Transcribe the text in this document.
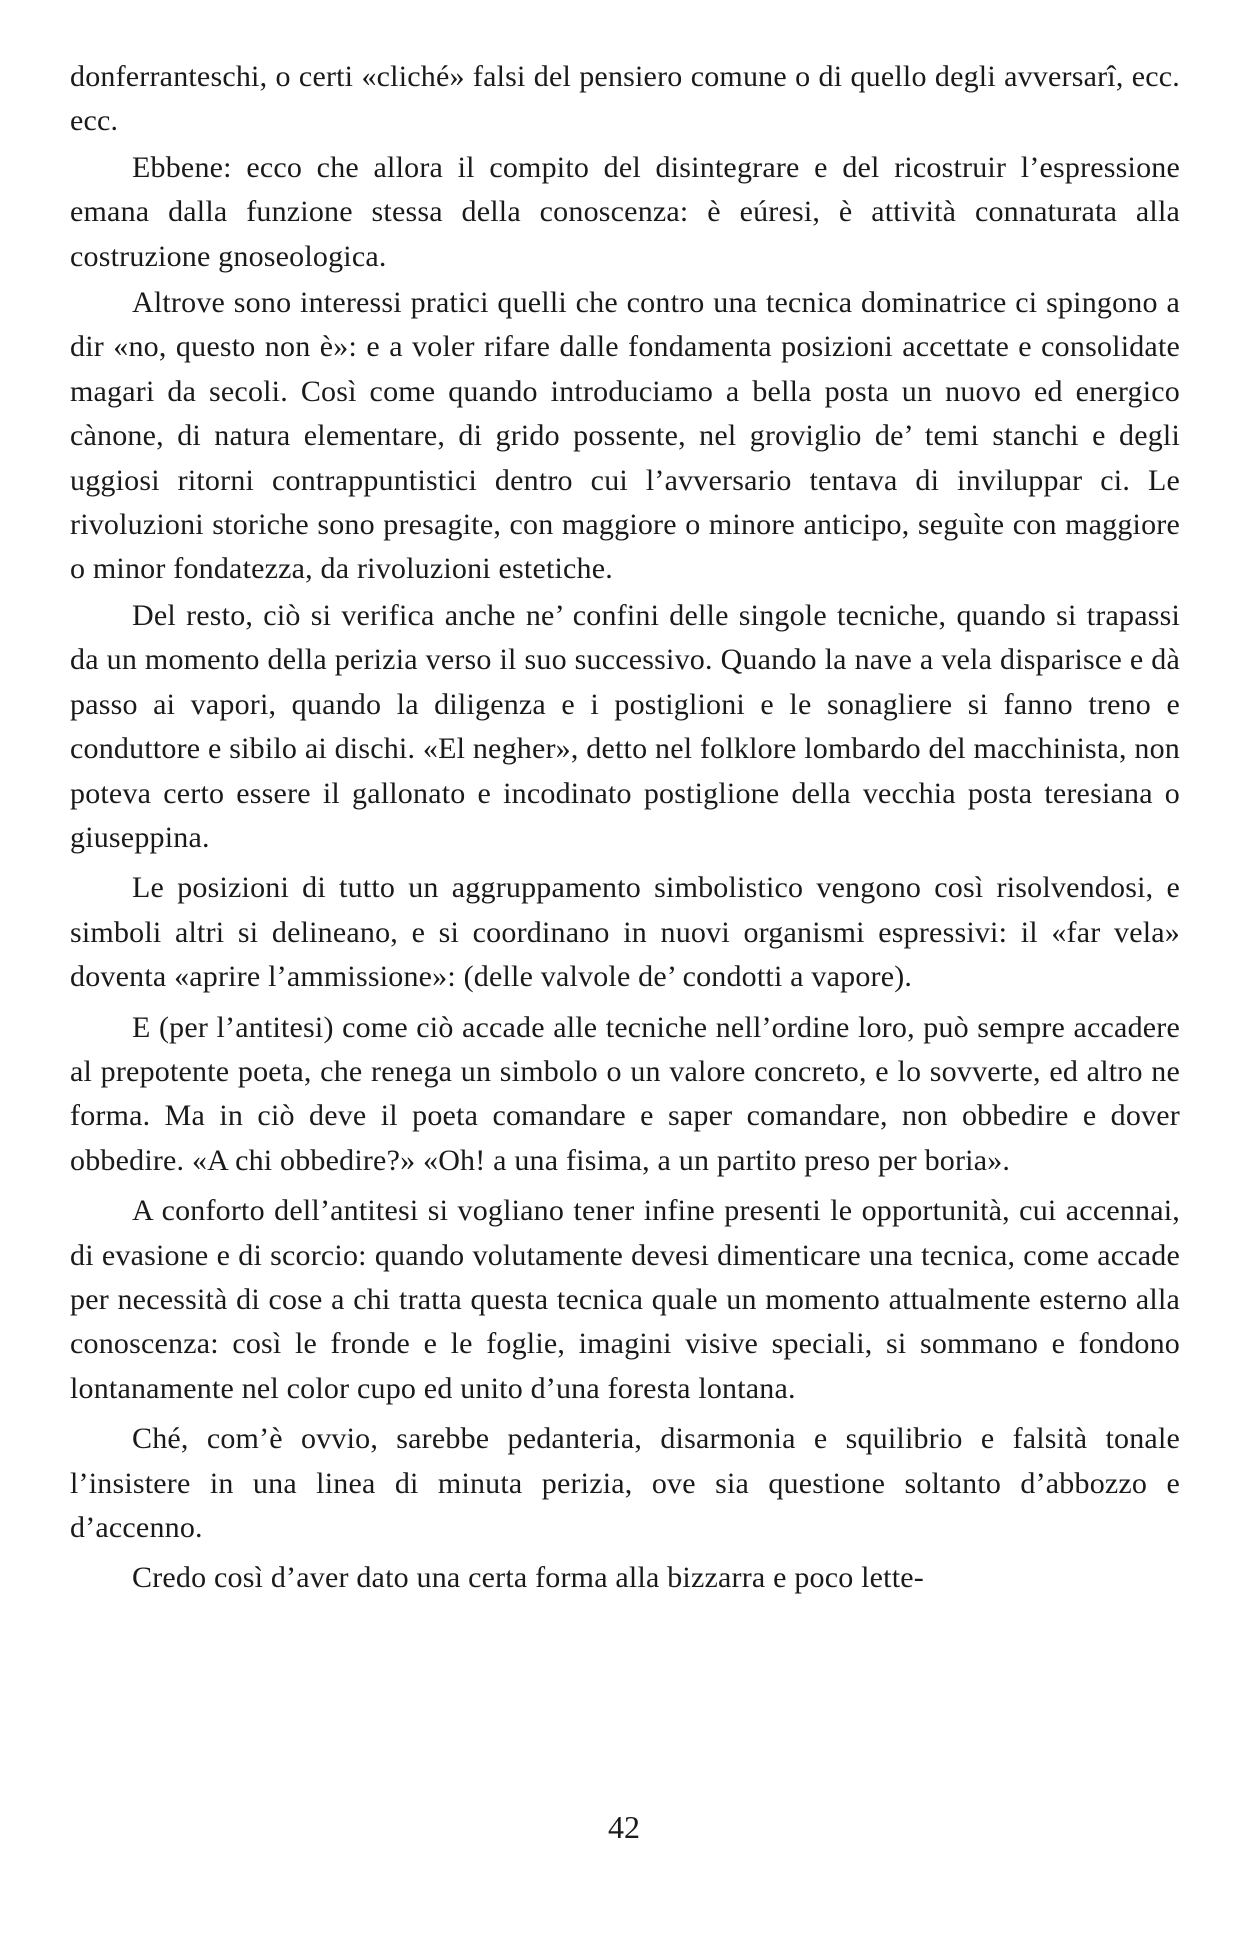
donferranteschi, o certi «cliché» falsi del pensiero comune o di quello degli avversarî, ecc. ecc.

Ebbene: ecco che allora il compito del disintegrare e del ricostruir l’espressione emana dalla funzione stessa della conoscenza: è eúresi, è attività connaturata alla costruzione gnoseologica.

Altrove sono interessi pratici quelli che contro una tecnica dominatrice ci spingono a dir «no, questo non è»: e a voler rifare dalle fondamenta posizioni accettate e consolidate magari da secoli. Così come quando introduciamo a bella posta un nuovo ed energico cànone, di natura elementare, di grido possente, nel groviglio de’ temi stanchi e degli uggiosi ritorni contrappuntistici dentro cui l’avversario tentava di inviluppar ci. Le rivoluzioni storiche sono presagite, con maggiore o minore anticipo, seguìte con maggiore o minor fondatezza, da rivoluzioni estetiche.

Del resto, ciò si verifica anche ne’ confini delle singole tecniche, quando si trapassi da un momento della perizia verso il suo successivo. Quando la nave a vela disparisce e dà passo ai vapori, quando la diligenza e i postiglioni e le sonagliere si fanno treno e conduttore e sibilo ai dischi. «El negher», detto nel folklore lombardo del macchinista, non poteva certo essere il gallonato e incodinato postiglione della vecchia posta teresiana o giuseppina.

Le posizioni di tutto un aggruppamento simbolistico vengono così risolvendosi, e simboli altri si delineano, e si coordinano in nuovi organismi espressivi: il «far vela» doventa «aprire l’ammissione»: (delle valvole de’ condotti a vapore).

E (per l’antitesi) come ciò accade alle tecniche nell’ordine loro, può sempre accadere al prepotente poeta, che renega un simbolo o un valore concreto, e lo sovverte, ed altro ne forma. Ma in ciò deve il poeta comandare e saper comandare, non obbedire e dover obbedire. «A chi obbedire?» «Oh! a una fisima, a un partito preso per boria».

A conforto dell’antitesi si vogliano tener infine presenti le opportunità, cui accennai, di evasione e di scorcio: quando volutamente devesi dimenticare una tecnica, come accade per necessità di cose a chi tratta questa tecnica quale un momento attualmente esterno alla conoscenza: così le fronde e le foglie, imagini visive speciali, si sommano e fondono lontanamente nel color cupo ed unito d’una foresta lontana.

Ché, com’è ovvio, sarebbe pedanteria, disarmonia e squilibrio e falsità tonale l’insistere in una linea di minuta perizia, ove sia questione soltanto d’abbozzo e d’accenno.

Credo così d’aver dato una certa forma alla bizzarra e poco lette-

42
